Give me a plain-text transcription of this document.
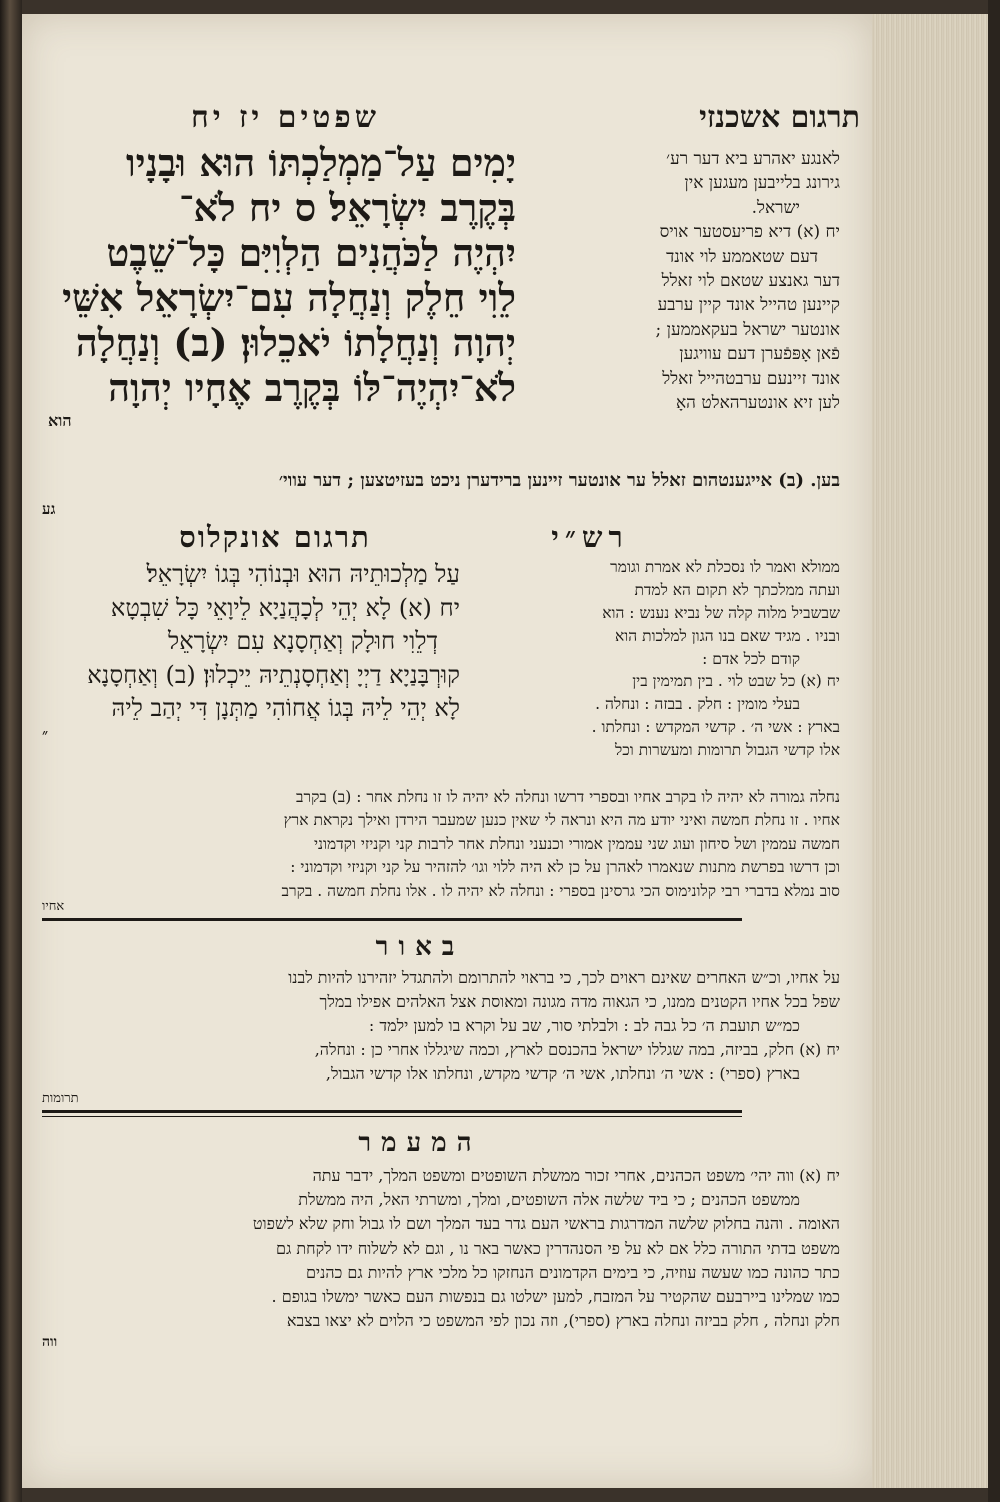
תרגום אשכנזי
שפטים יז יח
יָמִים עַל־מַמְלַכְתּוֹ הוּא וּבָנָיו
בְּקֶרֶב יִשְׂרָאֵל׃ ס יח לֹא־
יִהְיֶה לַכֹּהֲנִים הַלְוִיִּם כָּל־שֵׁבֶט
לֵוִי חֵלֶק וְנַחֲלָה עִם־יִשְׂרָאֵל אִשֵּׁי
יְהוָה וְנַחֲלָתוֹ יֹאכֵלוּן׃ (ב) וְנַחֲלָה
לֹא־יִהְיֶה־לּוֹ בְּקֶרֶב אֶחָיו יְהוָה
הוא
לאנגע יאהרע ביא דער רע׳
גירונג בלייבען מעגען אין
ישראל.
יח (א) דיא פריעסטער אויס
דעם שטאממע לוי אונד
דער גאנצע שטאם לוי זאלל
קיינען טהייל אונד קיין ערבע
אונטער ישראל בעקאממען ;
פֿאן אָפּפֿערן דעם עוויגען
אונד זיינעם ערבטהייל זאלל
לען זיא אונטערהאלט האָ
בען. (ב) אייגענטהום זאלל ער אונטער זיינען ברידערן ניכט בעזיטצען ; דער עווי׳
גע
תרגום אונקלוס	רש״י
עַל מַלְכוּתֵיהּ הוּא וּבְנוֹהִי בְּגוֹ יִשְׂרָאֵל׃
יח (א) לָא יְהֵי לְכָהֲנַיָא לֵיוָאֵי כָּל שִׁבְטָא
דְלֵוִי חוּלָק וְאַחְסָנָא עִם יִשְׂרָאֵל
קוּרְבָּנַיָא דַיְיָ וְאַחְסָנְתֵיהּ יֵיכְלוּן׃ (ב) וְאַחְסָנָא
לָא יְהֵי לֵיהּ בְּגוֹ אֲחוֹהִי מַתְּנָן דִּי יְהַב לֵיהּ
״
ממולא ואמר לו נסכלת לא אמרת וגומר
ועתה ממלכתך לא תקום הא למדת
שבשביל מלוה קלה של נביא נענש : הוא
ובניו . מגיד שאם בנו הגון למלכות הוא
קודם לכל אדם :
יח (א) כל שבט לוי . בין תמימין בין
בעלי מומין : חלק . בבזה : ונחלה .
בארץ : אשי ה׳ . קדשי המקדש : ונחלתו .
אלו קדשי הגבול תרומות ומעשרות וכל
נחלה גמורה לא יהיה לו בקרב אחיו ובספרי דרשו ונחלה לא יהיה לו זו נחלת אחר : (ב) בקרב
אחיו . זו נחלת חמשה ואיני יודע מה היא ונראה לי שאין כנען שמעבר הירדן ואילך נקראת ארץ
חמשה עממין ושל סיחון ועוג שני עממין אמורי וכנעני ונחלת אחר לרבות קני וקניזי וקדמוני
וכן דרשו בפרשת מתנות שנאמרו לאהרן על כן לא היה ללוי וגו׳ להזהיר על קני וקניזי וקדמוני :
סוב נמלא בדברי רבי קלונימוס הכי גרסינן בספרי : ונחלה לא יהיה לו . אלו נחלת חמשה . בקרב
אחיו
באור
על אחיו, וכ״ש האחרים שאינם ראוים לכך, כי בראוי להתרומם ולהתגדל יזהירנו להיות לבנו
שפל בכל אחיו הקטנים ממנו, כי הגאוה מדה מגונה ומאוסת אצל האלהים אפילו במלך
כמ״ש תועבת ה׳ כל גבה לב : ולבלתי סור, שב על וקרא בו למען ילמד :
יח (א) חלק, בביזה, במה שגללו ישראל בהכנסם לארץ, וכמה שיגללו אחרי כן : ונחלה,
בארץ (ספרי) : אשי ה׳ ונחלתו, אשי ה׳ קדשי מקדש, ונחלתו אלו קדשי הגבול,
תרומות
המעמר
יח (א) ווה יהי׳ משפט הכהנים, אחרי זכור ממשלת השופטים ומשפט המלך, ידבר עתה
ממשפט הכהנים ; כי ביד שלשה אלה השופטים, ומלך, ומשרתי האל, היה ממשלת
האומה . והנה בחלוק שלשה המדרגות בראשי העם גדר בעד המלך ושם לו גבול וחק שלא לשפוט
משפט בדתי התורה כלל אם לא על פי הסנהדרין כאשר באר נו , וגם לא לשלוח ידו לקחת גם
כתר כהונה כמו שעשה עוזיה, כי בימים הקדמונים הנחזקו כל מלכי ארץ להיות גם כהנים
כמו שמלינו ביירבעם שהקטיר על המזבח, למען ישלטו גם בנפשות העם כאשר ימשלו בגופם .
חלק ונחלה , חלק בביזה ונחלה בארץ (ספרי), וזה נכון לפי המשפט כי הלוים לא יצאו בצבא
ווה
